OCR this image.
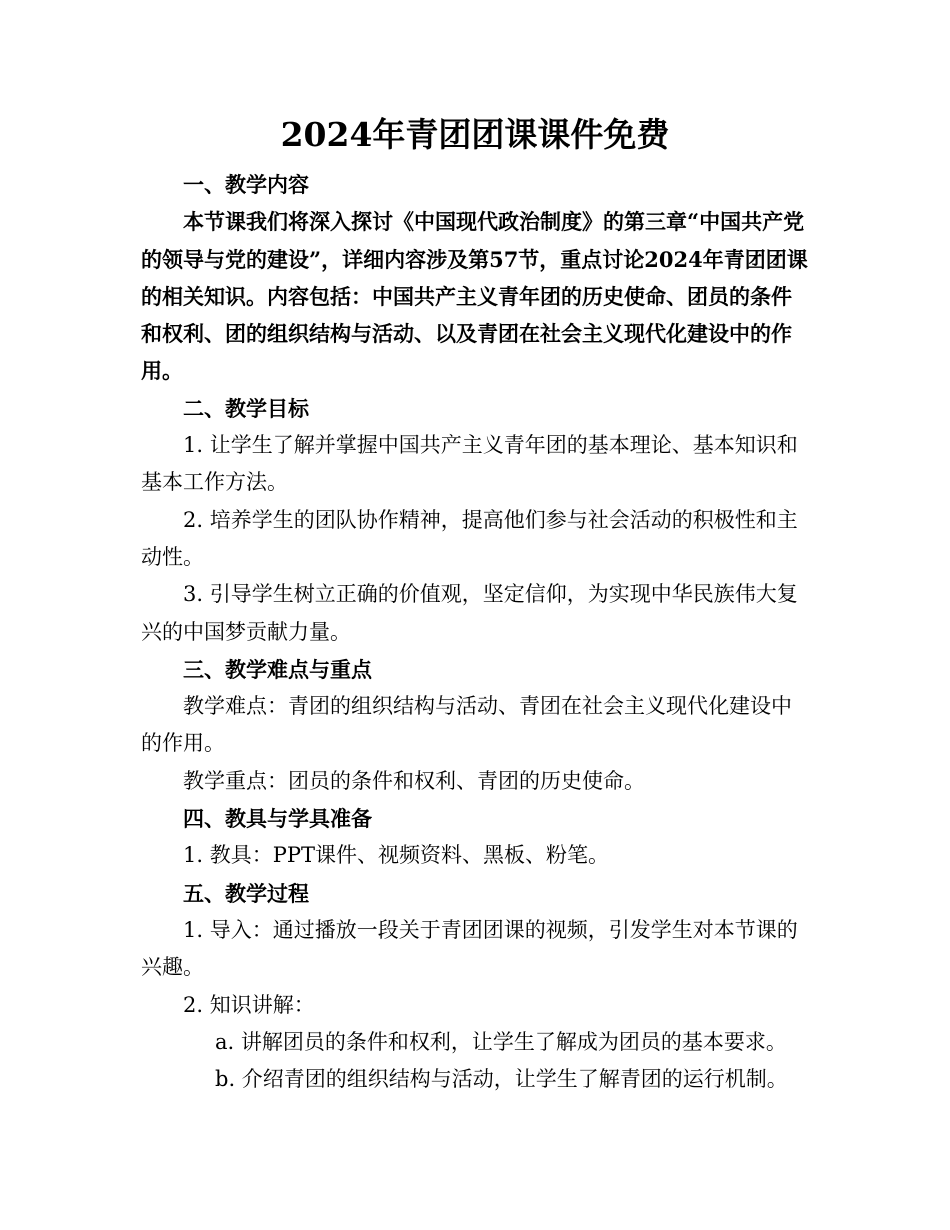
2024年青团团课课件免费

一、教学内容

本节课我们将深入探讨《中国现代政治制度》的第三章“中国共产党的领导与党的建设”，详细内容涉及第57节，重点讨论2024年青团团课的相关知识。内容包括：中国共产主义青年团的历史使命、团员的条件和权利、团的组织结构与活动、以及青团在社会主义现代化建设中的作用。

二、教学目标

1. 让学生了解并掌握中国共产主义青年团的基本理论、基本知识和基本工作方法。

2. 培养学生的团队协作精神，提高他们参与社会活动的积极性和主动性。

3. 引导学生树立正确的价值观，坚定信仰，为实现中华民族伟大复兴的中国梦贡献力量。

三、教学难点与重点

教学难点：青团的组织结构与活动、青团在社会主义现代化建设中的作用。

教学重点：团员的条件和权利、青团的历史使命。

四、教具与学具准备

1. 教具：PPT课件、视频资料、黑板、粉笔。

五、教学过程

1. 导入：通过播放一段关于青团团课的视频，引发学生对本节课的兴趣。

2. 知识讲解：

a. 讲解团员的条件和权利，让学生了解成为团员的基本要求。

b. 介绍青团的组织结构与活动，让学生了解青团的运行机制。
